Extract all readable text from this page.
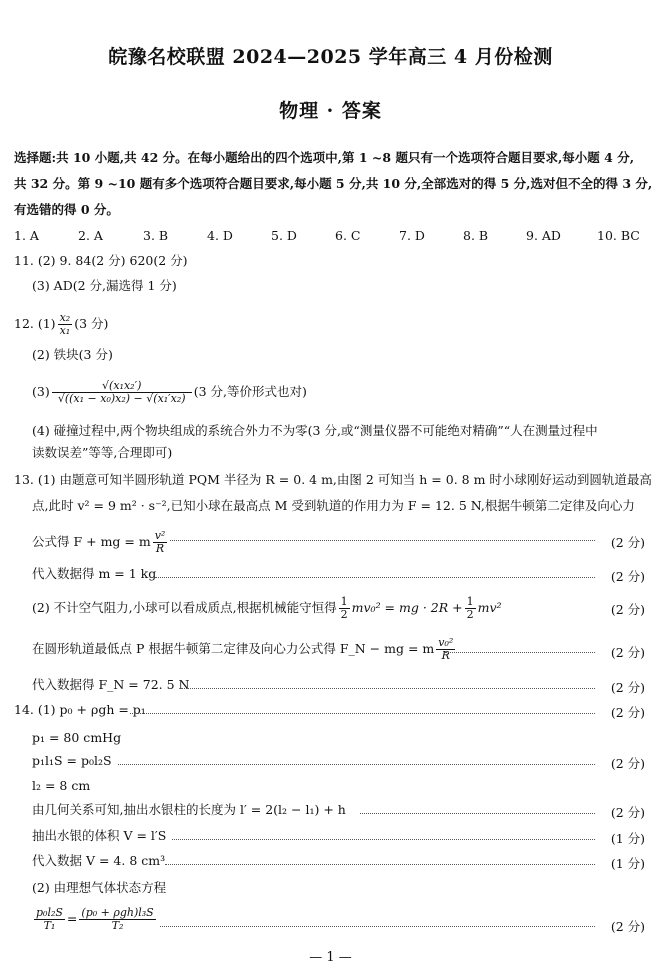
皖豫名校联盟 2024—2025 学年高三 4 月份检测
物理 · 答案
选择题:共 10 小题,共 42 分。在每小题给出的四个选项中,第 1 ~8 题只有一个选项符合题目要求,每小题 4 分,
共 32 分。第 9 ~10 题有多个选项符合题目要求,每小题 5 分,共 10 分,全部选对的得 5 分,选对但不全的得 3 分,
有选错的得 0 分。
1. A	2. A	3. B	4. D	5. D	6. C	7. D	8. B	9. AD	10. BC
11. (2) 9. 84(2 分) 620(2 分)
(3) AD(2 分,漏选得 1 分)
12. $(1) \frac{\text{x₂}}{\text{x₁}} (3$ 分)
(2) 铁块(3 分)
$(3) \frac{\text{√(x₁x₂′)}}{\text{√((x₁ − x₀)x₂) − √(x₁′x₂)}} (3$ 分,等价形式也对)
(4) 碰撞过程中,两个物块组成的系统合外力不为零(3 分,或“测量仪器不可能绝对精确”“人在测量过程中
读数误差”等等,合理即可)
13. (1) 由题意可知半圆形轨道 PQM 半径为 R = 0. 4 m,由图 2 可知当 h = 0. 8 m 时小球刚好运动到圆轨道最高
点,此时 v² = 9 m² · s⁻²,已知小球在最高点 M 受到轨道的作用力为 F = 12. 5 N,根据牛顿第二定律及向心力
公式得 F + mg = m $\frac{\text{v²}}{R}$	(2 分)
代入数据得 m = 1 kg	(2 分)
(2) 不计空气阻力,小球可以看成质点,根据机械能守恒得 $\frac{1}{2} mv_0^2$ = mg · $2R + \frac{1}{2} mv^2$	(2 分)
在圆形轨道最低点 P 根据牛顿第二定律及向心力公式得 F_N − mg = m $\frac{\text{v₀²}}{R}$	(2 分)
代入数据得 F_N = 72. 5 N	(2 分)
14. (1) p₀ + ρgh = p₁	(2 分)
p₁ = 80 cmHg
p₁l₁S = p₀l₂S	(2 分)
l₂ = 8 cm
由几何关系可知,抽出水银柱的长度为 l′ = 2(l₂ − l₁) + h	(2 分)
抽出水银的体积 V = l′S	(1 分)
代入数据 V = 4. 8 cm³	(1 分)
(2) 由理想气体状态方程
$\frac{\text{p₀l₂S}}{\text{T₁}} = \frac{\text{(p₀ + ρgh)l₃S}}{\text{T₂}}$	(2 分)
— 1 —
